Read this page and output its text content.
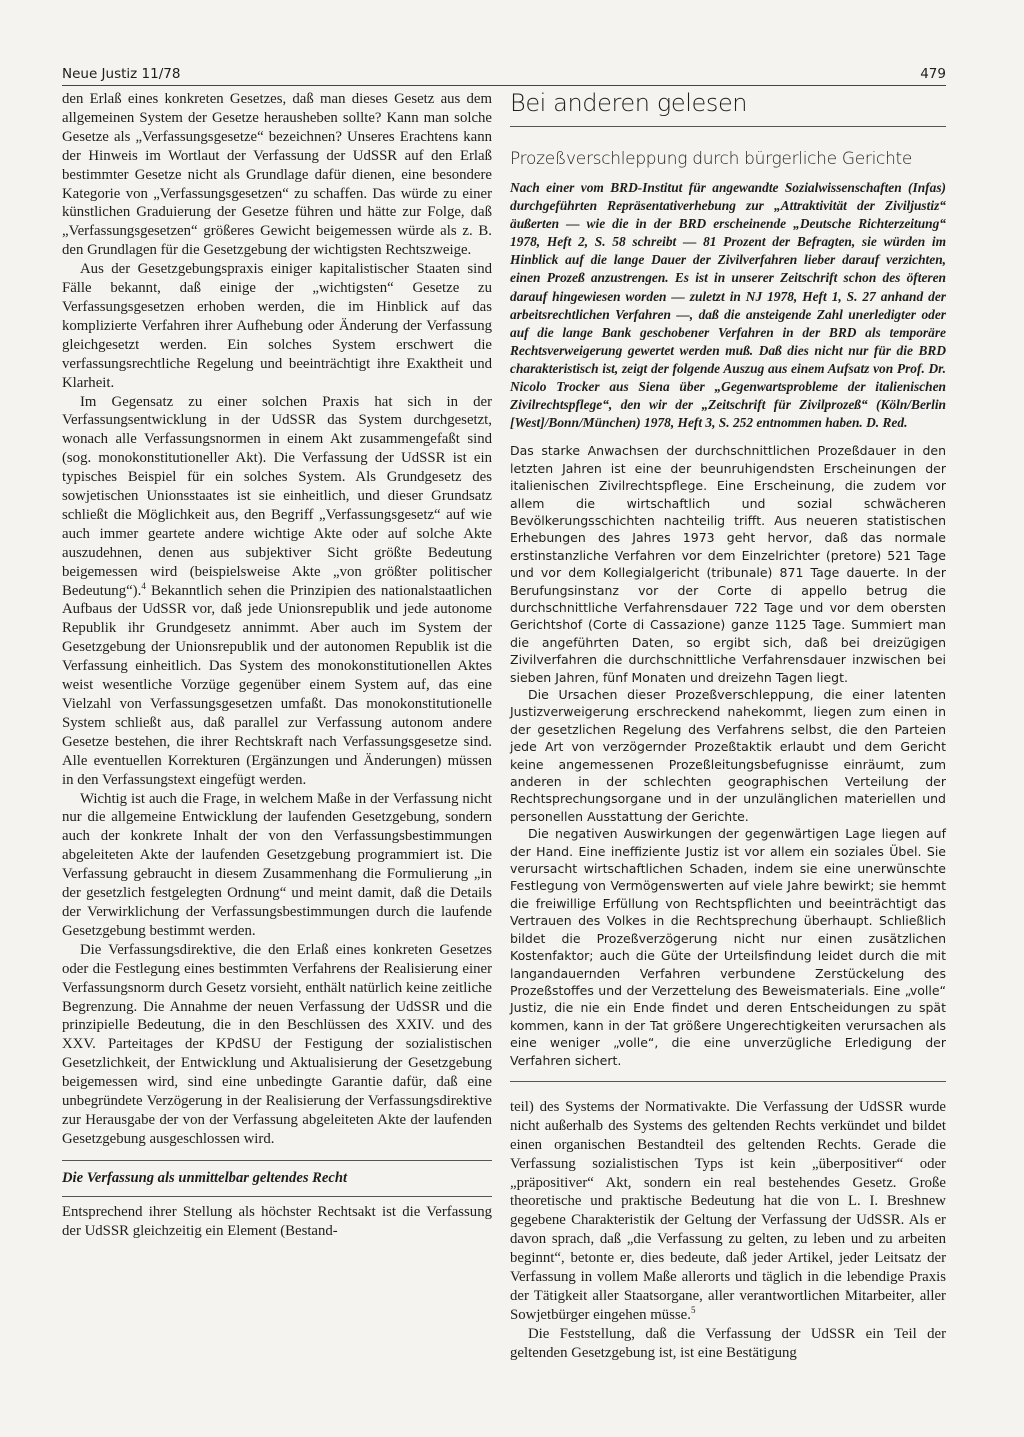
Neue Justiz 11/78	479

den Erlaß eines konkreten Gesetzes, daß man dieses Gesetz aus dem allgemeinen System der Gesetze herausheben sollte? Kann man solche Gesetze als „Verfassungsgesetze“ bezeichnen? Unseres Erachtens kann der Hinweis im Wortlaut der Verfassung der UdSSR auf den Erlaß bestimmter Gesetze nicht als Grundlage dafür dienen, eine besondere Kategorie von „Verfassungsgesetzen“ zu schaffen. Das würde zu einer künstlichen Graduierung der Gesetze führen und hätte zur Folge, daß „Verfassungsgesetzen“ größeres Gewicht beigemessen würde als z. B. den Grundlagen für die Gesetzgebung der wichtigsten Rechtszweige.

Aus der Gesetzgebungspraxis einiger kapitalistischer Staaten sind Fälle bekannt, daß einige der „wichtigsten“ Gesetze zu Verfassungsgesetzen erhoben werden, die im Hinblick auf das komplizierte Verfahren ihrer Aufhebung oder Änderung der Verfassung gleichgesetzt werden. Ein solches System erschwert die verfassungsrechtliche Regelung und beeinträchtigt ihre Exaktheit und Klarheit.

Im Gegensatz zu einer solchen Praxis hat sich in der Verfassungsentwicklung in der UdSSR das System durchgesetzt, wonach alle Verfassungsnormen in einem Akt zusammengefaßt sind (sog. monokonstitutioneller Akt). Die Verfassung der UdSSR ist ein typisches Beispiel für ein solches System. Als Grundgesetz des sowjetischen Unionsstaates ist sie einheitlich, und dieser Grundsatz schließt die Möglichkeit aus, den Begriff „Verfassungsgesetz“ auf wie auch immer geartete andere wichtige Akte oder auf solche Akte auszudehnen, denen aus subjektiver Sicht größte Bedeutung beigemessen wird (beispielsweise Akte „von größter politischer Bedeutung“).$^4$ Bekanntlich sehen die Prinzipien des nationalstaatlichen Aufbaus der UdSSR vor, daß jede Unionsrepublik und jede autonome Republik ihr Grundgesetz annimmt. Aber auch im System der Gesetzgebung der Unionsrepublik und der autonomen Republik ist die Verfassung einheitlich. Das System des monokonstitutionellen Aktes weist wesentliche Vorzüge gegenüber einem System auf, das eine Vielzahl von Verfassungsgesetzen umfaßt. Das monokonstitutionelle System schließt aus, daß parallel zur Verfassung autonom andere Gesetze bestehen, die ihrer Rechtskraft nach Verfassungsgesetze sind. Alle eventuellen Korrekturen (Ergänzungen und Änderungen) müssen in den Verfassungstext eingefügt werden.

Wichtig ist auch die Frage, in welchem Maße in der Verfassung nicht nur die allgemeine Entwicklung der laufenden Gesetzgebung, sondern auch der konkrete Inhalt der von den Verfassungsbestimmungen abgeleiteten Akte der laufenden Gesetzgebung programmiert ist. Die Verfassung gebraucht in diesem Zusammenhang die Formulierung „in der gesetzlich festgelegten Ordnung“ und meint damit, daß die Details der Verwirklichung der Verfassungsbestimmungen durch die laufende Gesetzgebung bestimmt werden.

Die Verfassungsdirektive, die den Erlaß eines konkreten Gesetzes oder die Festlegung eines bestimmten Verfahrens der Realisierung einer Verfassungsnorm durch Gesetz vorsieht, enthält natürlich keine zeitliche Begrenzung. Die Annahme der neuen Verfassung der UdSSR und die prinzipielle Bedeutung, die in den Beschlüssen des XXIV. und des XXV. Parteitages der KPdSU der Festigung der sozialistischen Gesetzlichkeit, der Entwicklung und Aktualisierung der Gesetzgebung beigemessen wird, sind eine unbedingte Garantie dafür, daß eine unbegründete Verzögerung in der Realisierung der Verfassungsdirektive zur Herausgabe der von der Verfassung abgeleiteten Akte der laufenden Gesetzgebung ausgeschlossen wird.

Die Verfassung als unmittelbar geltendes Recht

Entsprechend ihrer Stellung als höchster Rechtsakt ist die Verfassung der UdSSR gleichzeitig ein Element (Bestand-

Bei anderen gelesen
Prozeßverschleppung durch bürgerliche Gerichte

Nach einer vom BRD-Institut für angewandte Sozialwissenschaften (Infas) durchgeführten Repräsentativerhebung zur „Attraktivität der Ziviljustiz“ äußerten — wie die in der BRD erscheinende „Deutsche Richterzeitung“ 1978, Heft 2, S. 58 schreibt — 81 Prozent der Befragten, sie würden im Hinblick auf die lange Dauer der Zivilverfahren lieber darauf verzichten, einen Prozeß anzustrengen. Es ist in unserer Zeitschrift schon des öfteren darauf hingewiesen worden — zuletzt in NJ 1978, Heft 1, S. 27 anhand der arbeitsrechtlichen Verfahren —, daß die ansteigende Zahl unerledigter oder auf die lange Bank geschobener Verfahren in der BRD als temporäre Rechtsverweigerung gewertet werden muß. Daß dies nicht nur für die BRD charakteristisch ist, zeigt der folgende Auszug aus einem Aufsatz von Prof. Dr. Nicolo Trocker aus Siena über „Gegenwartsprobleme der italienischen Zivilrechtspflege“, den wir der „Zeitschrift für Zivilprozeß“ (Köln/Berlin [West]/Bonn/München) 1978, Heft 3, S. 252 entnommen haben. D. Red.

Das starke Anwachsen der durchschnittlichen Prozeßdauer in den letzten Jahren ist eine der beunruhigendsten Erscheinungen der italienischen Zivilrechtspflege. Eine Erscheinung, die zudem vor allem die wirtschaftlich und sozial schwächeren Bevölkerungsschichten nachteilig trifft. Aus neueren statistischen Erhebungen des Jahres 1973 geht hervor, daß das normale erstinstanzliche Verfahren vor dem Einzelrichter (pretore) 521 Tage und vor dem Kollegialgericht (tribunale) 871 Tage dauerte. In der Berufungsinstanz vor der Corte di appello betrug die durchschnittliche Verfahrensdauer 722 Tage und vor dem obersten Gerichtshof (Corte di Cassazione) ganze 1125 Tage. Summiert man die angeführten Daten, so ergibt sich, daß bei dreizügigen Zivilverfahren die durchschnittliche Verfahrensdauer inzwischen bei sieben Jahren, fünf Monaten und dreizehn Tagen liegt.

Die Ursachen dieser Prozeßverschleppung, die einer latenten Justizverweigerung erschreckend nahekommt, liegen zum einen in der gesetzlichen Regelung des Verfahrens selbst, die den Parteien jede Art von verzögernder Prozeßtaktik erlaubt und dem Gericht keine angemessenen Prozeßleitungsbefugnisse einräumt, zum anderen in der schlechten geographischen Verteilung der Rechtsprechungsorgane und in der unzulänglichen materiellen und personellen Ausstattung der Gerichte.

Die negativen Auswirkungen der gegenwärtigen Lage liegen auf der Hand. Eine ineffiziente Justiz ist vor allem ein soziales Übel. Sie verursacht wirtschaftlichen Schaden, indem sie eine unerwünschte Festlegung von Vermögenswerten auf viele Jahre bewirkt; sie hemmt die freiwillige Erfüllung von Rechtspflichten und beeinträchtigt das Vertrauen des Volkes in die Rechtsprechung überhaupt. Schließlich bildet die Prozeßverzögerung nicht nur einen zusätzlichen Kostenfaktor; auch die Güte der Urteilsfindung leidet durch die mit langandauernden Verfahren verbundene Zerstückelung des Prozeßstoffes und der Verzettelung des Beweismaterials. Eine „volle“ Justiz, die nie ein Ende findet und deren Entscheidungen zu spät kommen, kann in der Tat größere Ungerechtigkeiten verursachen als eine weniger „volle“, die eine unverzügliche Erledigung der Verfahren sichert.

teil) des Systems der Normativakte. Die Verfassung der UdSSR wurde nicht außerhalb des Systems des geltenden Rechts verkündet und bildet einen organischen Bestandteil des geltenden Rechts. Gerade die Verfassung sozialistischen Typs ist kein „überpositiver“ oder „präpositiver“ Akt, sondern ein real bestehendes Gesetz. Große theoretische und praktische Bedeutung hat die von L. I. Breshnew gegebene Charakteristik der Geltung der Verfassung der UdSSR. Als er davon sprach, daß „die Verfassung zu gelten, zu leben und zu arbeiten beginnt“, betonte er, dies bedeute, daß jeder Artikel, jeder Leitsatz der Verfassung in vollem Maße allerorts und täglich in die lebendige Praxis der Tätigkeit aller Staatsorgane, aller verantwortlichen Mitarbeiter, aller Sowjetbürger eingehen müsse.$^5$

Die Feststellung, daß die Verfassung der UdSSR ein Teil der geltenden Gesetzgebung ist, ist eine Bestätigung
